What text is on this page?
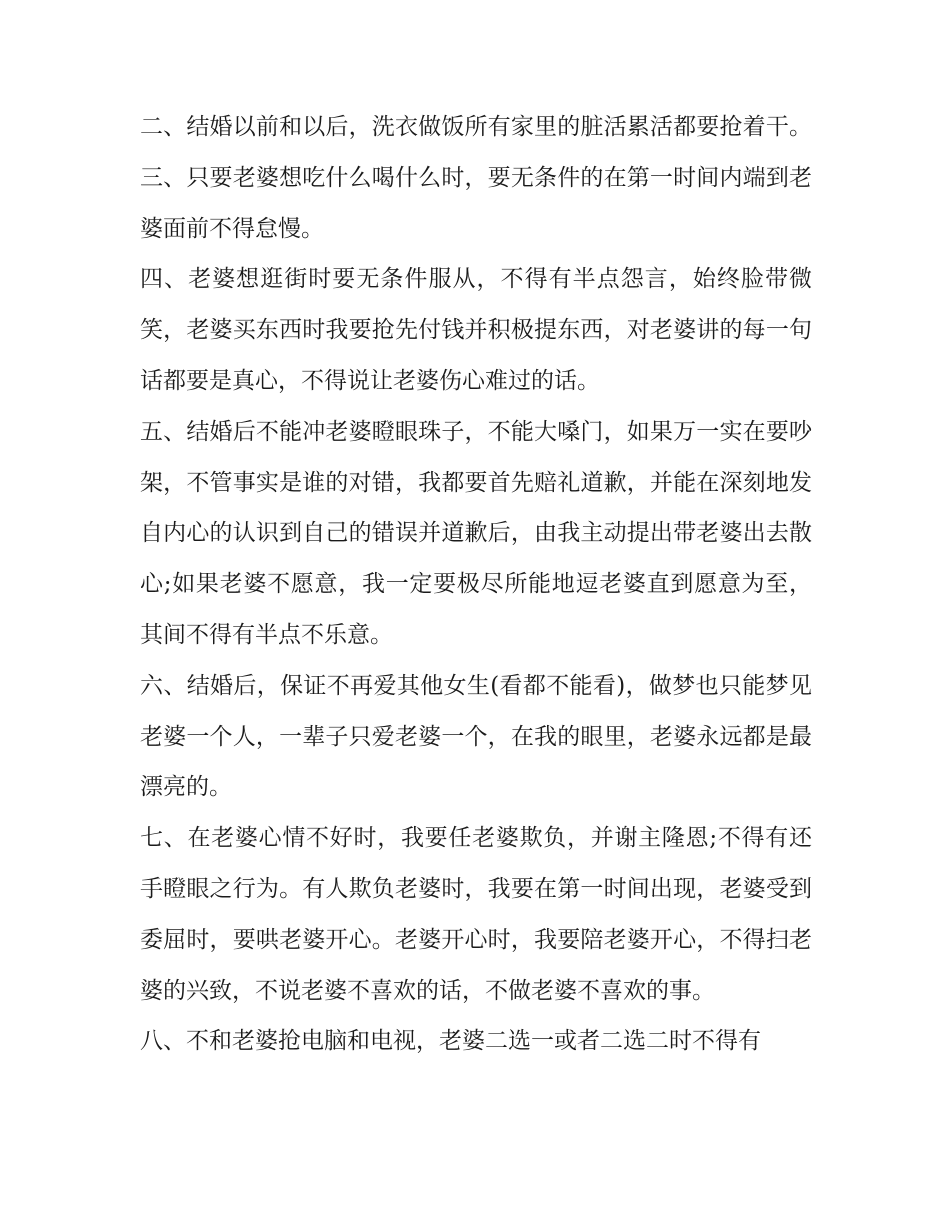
二、结婚以前和以后，洗衣做饭所有家里的脏活累活都要抢着干。 三、只要老婆想吃什么喝什么时，要无条件的在第一时间内端到老婆面前不得怠慢。

四、老婆想逛街时要无条件服从，不得有半点怨言，始终脸带微笑，老婆买东西时我要抢先付钱并积极提东西，对老婆讲的每一句话都要是真心，不得说让老婆伤心难过的话。

五、结婚后不能冲老婆瞪眼珠子，不能大嗓门，如果万一实在要吵架，不管事实是谁的对错，我都要首先赔礼道歉，并能在深刻地发自内心的认识到自己的错误并道歉后，由我主动提出带老婆出去散心;如果老婆不愿意，我一定要极尽所能地逗老婆直到愿意为至，其间不得有半点不乐意。

六、结婚后，保证不再爱其他女生(看都不能看)，做梦也只能梦见老婆一个人，一辈子只爱老婆一个，在我的眼里，老婆永远都是最漂亮的。

七、在老婆心情不好时，我要任老婆欺负，并谢主隆恩;不得有还手瞪眼之行为。有人欺负老婆时，我要在第一时间出现，老婆受到委屈时，要哄老婆开心。老婆开心时，我要陪老婆开心，不得扫老婆的兴致，不说老婆不喜欢的话，不做老婆不喜欢的事。

八、不和老婆抢电脑和电视，老婆二选一或者二选二时不得有
